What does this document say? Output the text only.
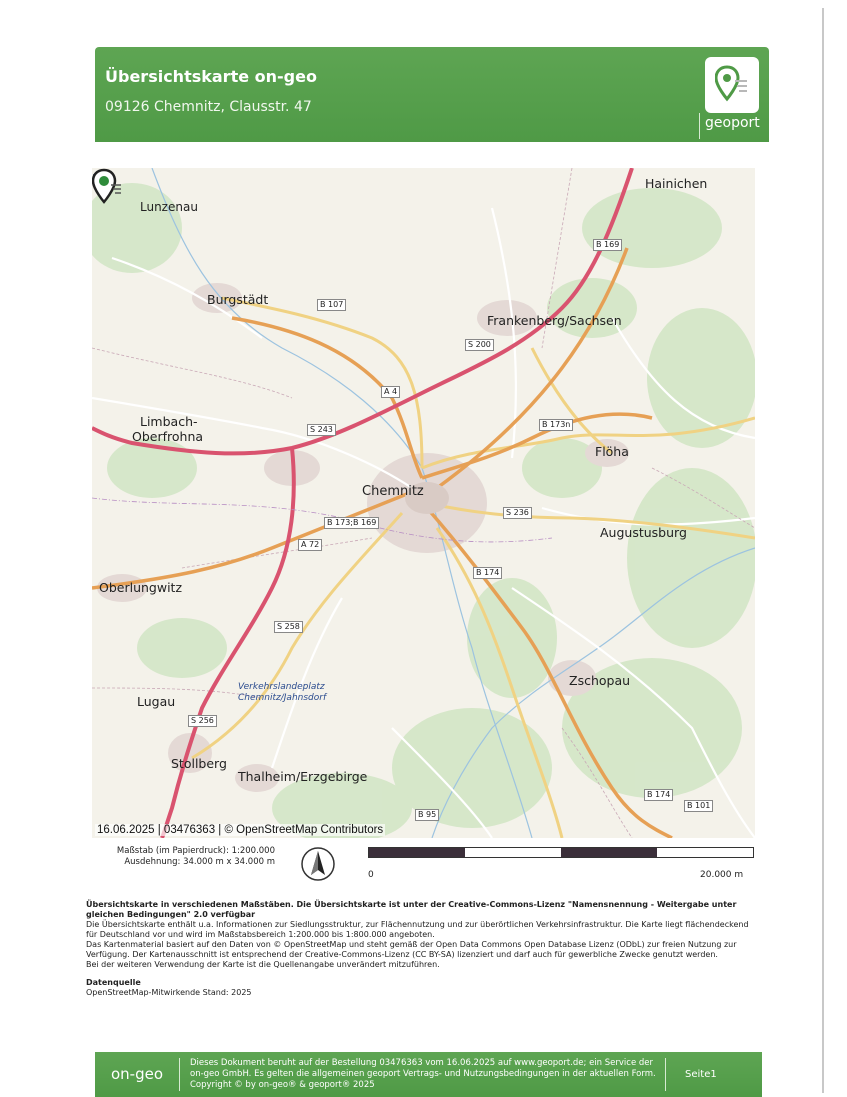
Übersichtskarte on-geo
09126 Chemnitz, Clausstr. 47
geoport
Hainichen
Lunzenau
Burgstädt
Frankenberg/Sachsen
Limbach-
Oberfrohna
Flöha
Chemnitz
Augustusburg
Oberlungwitz
Lugau
Zschopau
Stollberg
Thalheim/Erzgebirge
B 169
B 107
S 200
A 4
S 243
B 173n
S 236
B 173;B 169
A 72
B 174
S 258
S 256
B 95
B 174
B 101
Verkehrslandeplatz
Chemnitz/Jahnsdorf
16.06.2025 | 03476363 | © OpenStreetMap Contributors
Maßstab (im Papierdruck): 1:200.000
Ausdehnung: 34.000 m x 34.000 m
0	20.000 m

Übersichtskarte in verschiedenen Maßstäben. Die Übersichtskarte ist unter der Creative-Commons-Lizenz "Namensnennung - Weitergabe unter gleichen Bedingungen" 2.0 verfügbar

Die Übersichtskarte enthält u.a. Informationen zur Siedlungsstruktur, zur Flächennutzung und zur überörtlichen Verkehrsinfrastruktur. Die Karte liegt flächendeckend für Deutschland vor und wird im Maßstabsbereich 1:200.000 bis 1:800.000 angeboten.

Das Kartenmaterial basiert auf den Daten von © OpenStreetMap und steht gemäß der Open Data Commons Open Database Lizenz (ODbL) zur freien Nutzung zur Verfügung. Der Kartenausschnitt ist entsprechend der Creative-Commons-Lizenz (CC BY-SA) lizenziert und darf auch für gewerbliche Zwecke genutzt werden.

Bei der weiteren Verwendung der Karte ist die Quellenangabe unverändert mitzuführen.

Datenquelle

OpenStreetMap-Mitwirkende Stand: 2025

on-geo
Dieses Dokument beruht auf der Bestellung 03476363 vom 16.06.2025 auf www.geoport.de; ein Service der on-geo GmbH. Es gelten die allgemeinen geoport Vertrags- und Nutzungsbedingungen in der aktuellen Form. Copyright © by on-geo® & geoport® 2025
Seite1
